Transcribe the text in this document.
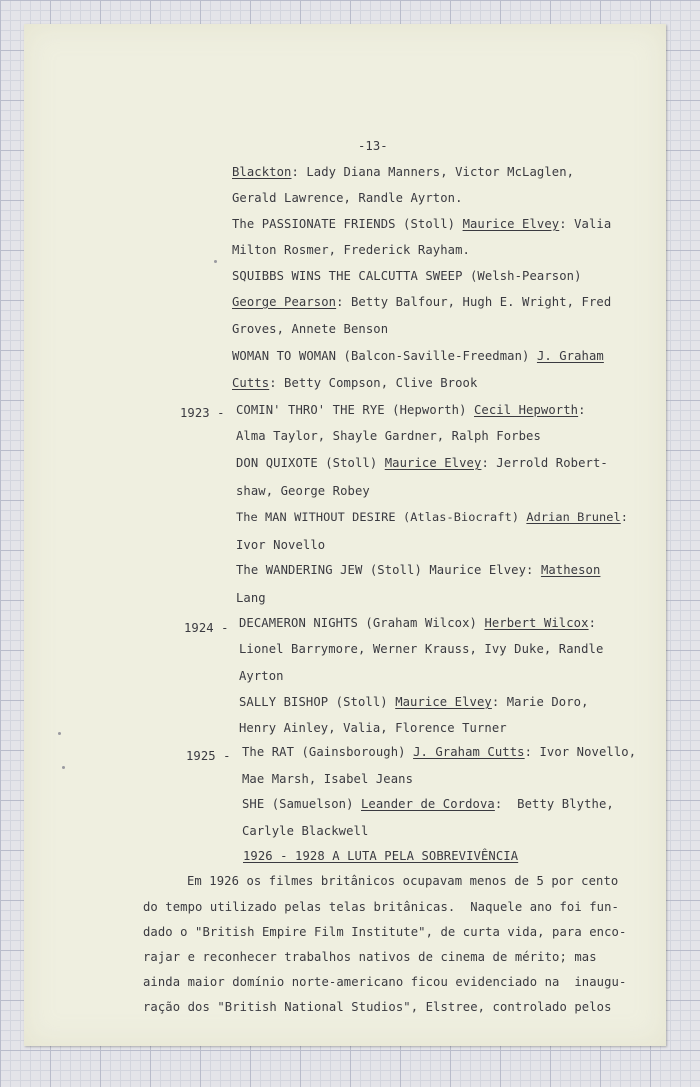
-13-
Blackton: Lady Diana Manners, Victor McLaglen,
Gerald Lawrence, Randle Ayrton.
The PASSIONATE FRIENDS (Stoll) Maurice Elvey: Valia
Milton Rosmer, Frederick Rayham.
SQUIBBS WINS THE CALCUTTA SWEEP (Welsh-Pearson)
George Pearson: Betty Balfour, Hugh E. Wright, Fred
Groves, Annete Benson
WOMAN TO WOMAN (Balcon-Saville-Freedman) J. Graham
Cutts: Betty Compson, Clive Brook
1923 - COMIN' THRO' THE RYE (Hepworth) Cecil Hepworth:
Alma Taylor, Shayle Gardner, Ralph Forbes
DON QUIXOTE (Stoll) Maurice Elvey: Jerrold Robert-
shaw, George Robey
The MAN WITHOUT DESIRE (Atlas-Biocraft) Adrian Brunel:
Ivor Novello
The WANDERING JEW (Stoll) Maurice Elvey: Matheson
Lang
1924 - DECAMERON NIGHTS (Graham Wilcox) Herbert Wilcox:
Lionel Barrymore, Werner Krauss, Ivy Duke, Randle
Ayrton
SALLY BISHOP (Stoll) Maurice Elvey: Marie Doro,
Henry Ainley, Valia, Florence Turner
1925 - The RAT (Gainsborough) J. Graham Cutts: Ivor Novello,
Mae Marsh, Isabel Jeans
SHE (Samuelson) Leander de Cordova:  Betty Blythe,
Carlyle Blackwell
1926 - 1928 A LUTA PELA SOBREVIVÊNCIA
Em 1926 os filmes britânicos ocupavam menos de 5 por cento
do tempo utilizado pelas telas britânicas.  Naquele ano foi fun-
dado o "British Empire Film Institute", de curta vida, para enco-
rajar e reconhecer trabalhos nativos de cinema de mérito; mas
ainda maior domínio norte-americano ficou evidenciado na  inaugu-
ração dos "British National Studios", Elstree, controlado pelos
